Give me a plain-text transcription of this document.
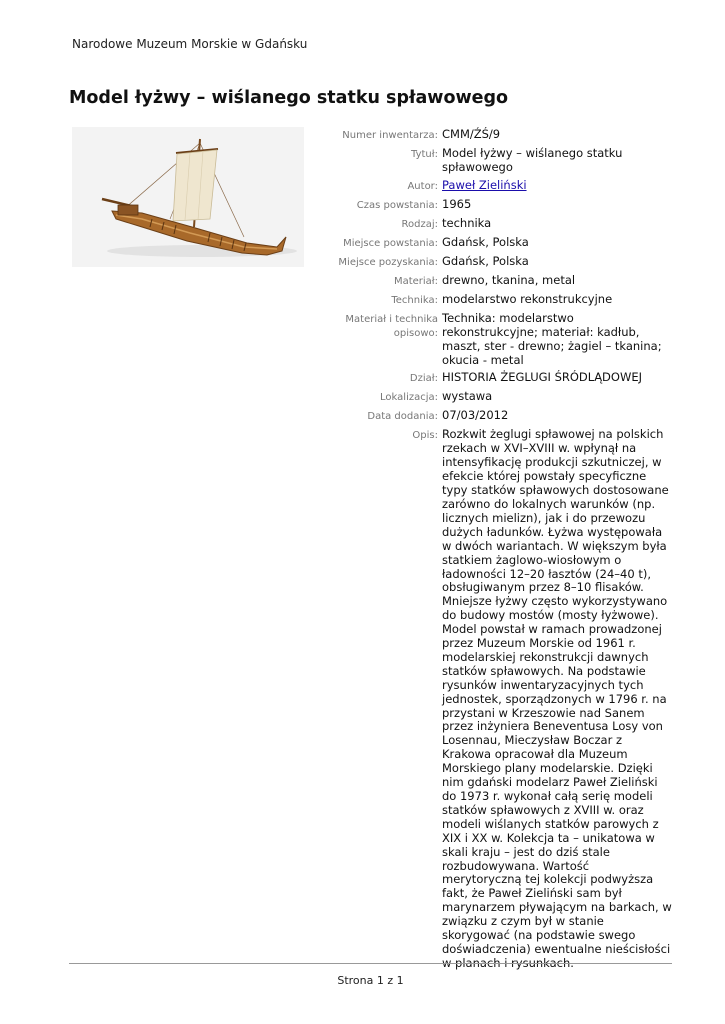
Narodowe Muzeum Morskie w Gdańsku
Model łyżwy – wiślanego statku spławowego
Numer inwentarza: CMM/ŹŚ/9
Tytuł: Model łyżwy – wiślanego statku spławowego
Autor: Paweł Zieliński
Czas powstania: 1965
Rodzaj: technika
Miejsce powstania: Gdańsk, Polska
Miejsce pozyskania: Gdańsk, Polska
Materiał: drewno, tkanina, metal
Technika: modelarstwo rekonstrukcyjne
Materiał i technika opisowo:
Technika: modelarstwo rekonstrukcyjne; materiał: kadłub, maszt, ster - drewno; żagiel – tkanina; okucia - metal
Dział: HISTORIA ŻEGLUGI ŚRÓDLĄDOWEJ
Lokalizacja: wystawa
Data dodania: 07/03/2012
Opis: Rozkwit żeglugi spławowej na polskich rzekach w XVI–XVIII w. wpłynął na intensyfikację produkcji szkutniczej, w efekcie której powstały specyficzne typy statków spławowych dostosowane zarówno do lokalnych warunków (np. licznych mielizn), jak i do przewozu dużych ładunków. Łyżwa występowała w dwóch wariantach. W większym była statkiem żaglowo-wiosłowym o ładowności 12–20 łasztów (24–40 t), obsługiwanym przez 8–10 flisaków. Mniejsze łyżwy często wykorzystywano do budowy mostów (mosty łyżwowe). Model powstał w ramach prowadzonej przez Muzeum Morskie od 1961 r. modelarskiej rekonstrukcji dawnych statków spławowych. Na podstawie rysunków inwentaryzacyjnych tych jednostek, sporządzonych w 1796 r. na przystani w Krzeszowie nad Sanem przez inżyniera Beneventusa Losy von Losennau, Mieczysław Boczar z Krakowa opracował dla Muzeum Morskiego plany modelarskie. Dzięki nim gdański modelarz Paweł Zieliński do 1973 r. wykonał całą serię modeli statków spławowych z XVIII w. oraz modeli wiślanych statków parowych z XIX i XX w. Kolekcja ta – unikatowa w skali kraju – jest do dziś stale rozbudowywana. Wartość merytoryczną tej kolekcji podwyższa fakt, że Paweł Zieliński sam był marynarzem pływającym na barkach, w związku z czym był w stanie skorygować (na podstawie swego doświadczenia) ewentualne nieścisłości w planach i rysunkach.
Strona 1 z 1
